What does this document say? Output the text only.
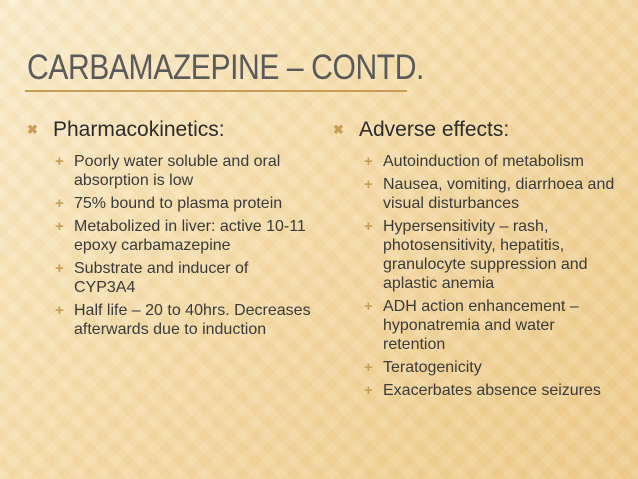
CARBAMAZEPINE – CONTD.
✖ Pharmacokinetics:
+ Poorly water soluble and oral absorption is low
+ 75% bound to plasma protein
+ Metabolized in liver: active 10-11 epoxy carbamazepine
+ Substrate and inducer of CYP3A4
+ Half life – 20 to 40hrs. Decreases afterwards due to induction
✖ Adverse effects:
+ Autoinduction of metabolism
+ Nausea, vomiting, diarrhoea and visual disturbances
+ Hypersensitivity – rash, photosensitivity, hepatitis, granulocyte suppression and aplastic anemia
+ ADH action enhancement – hyponatremia and water retention
+ Teratogenicity
+ Exacerbates absence seizures
